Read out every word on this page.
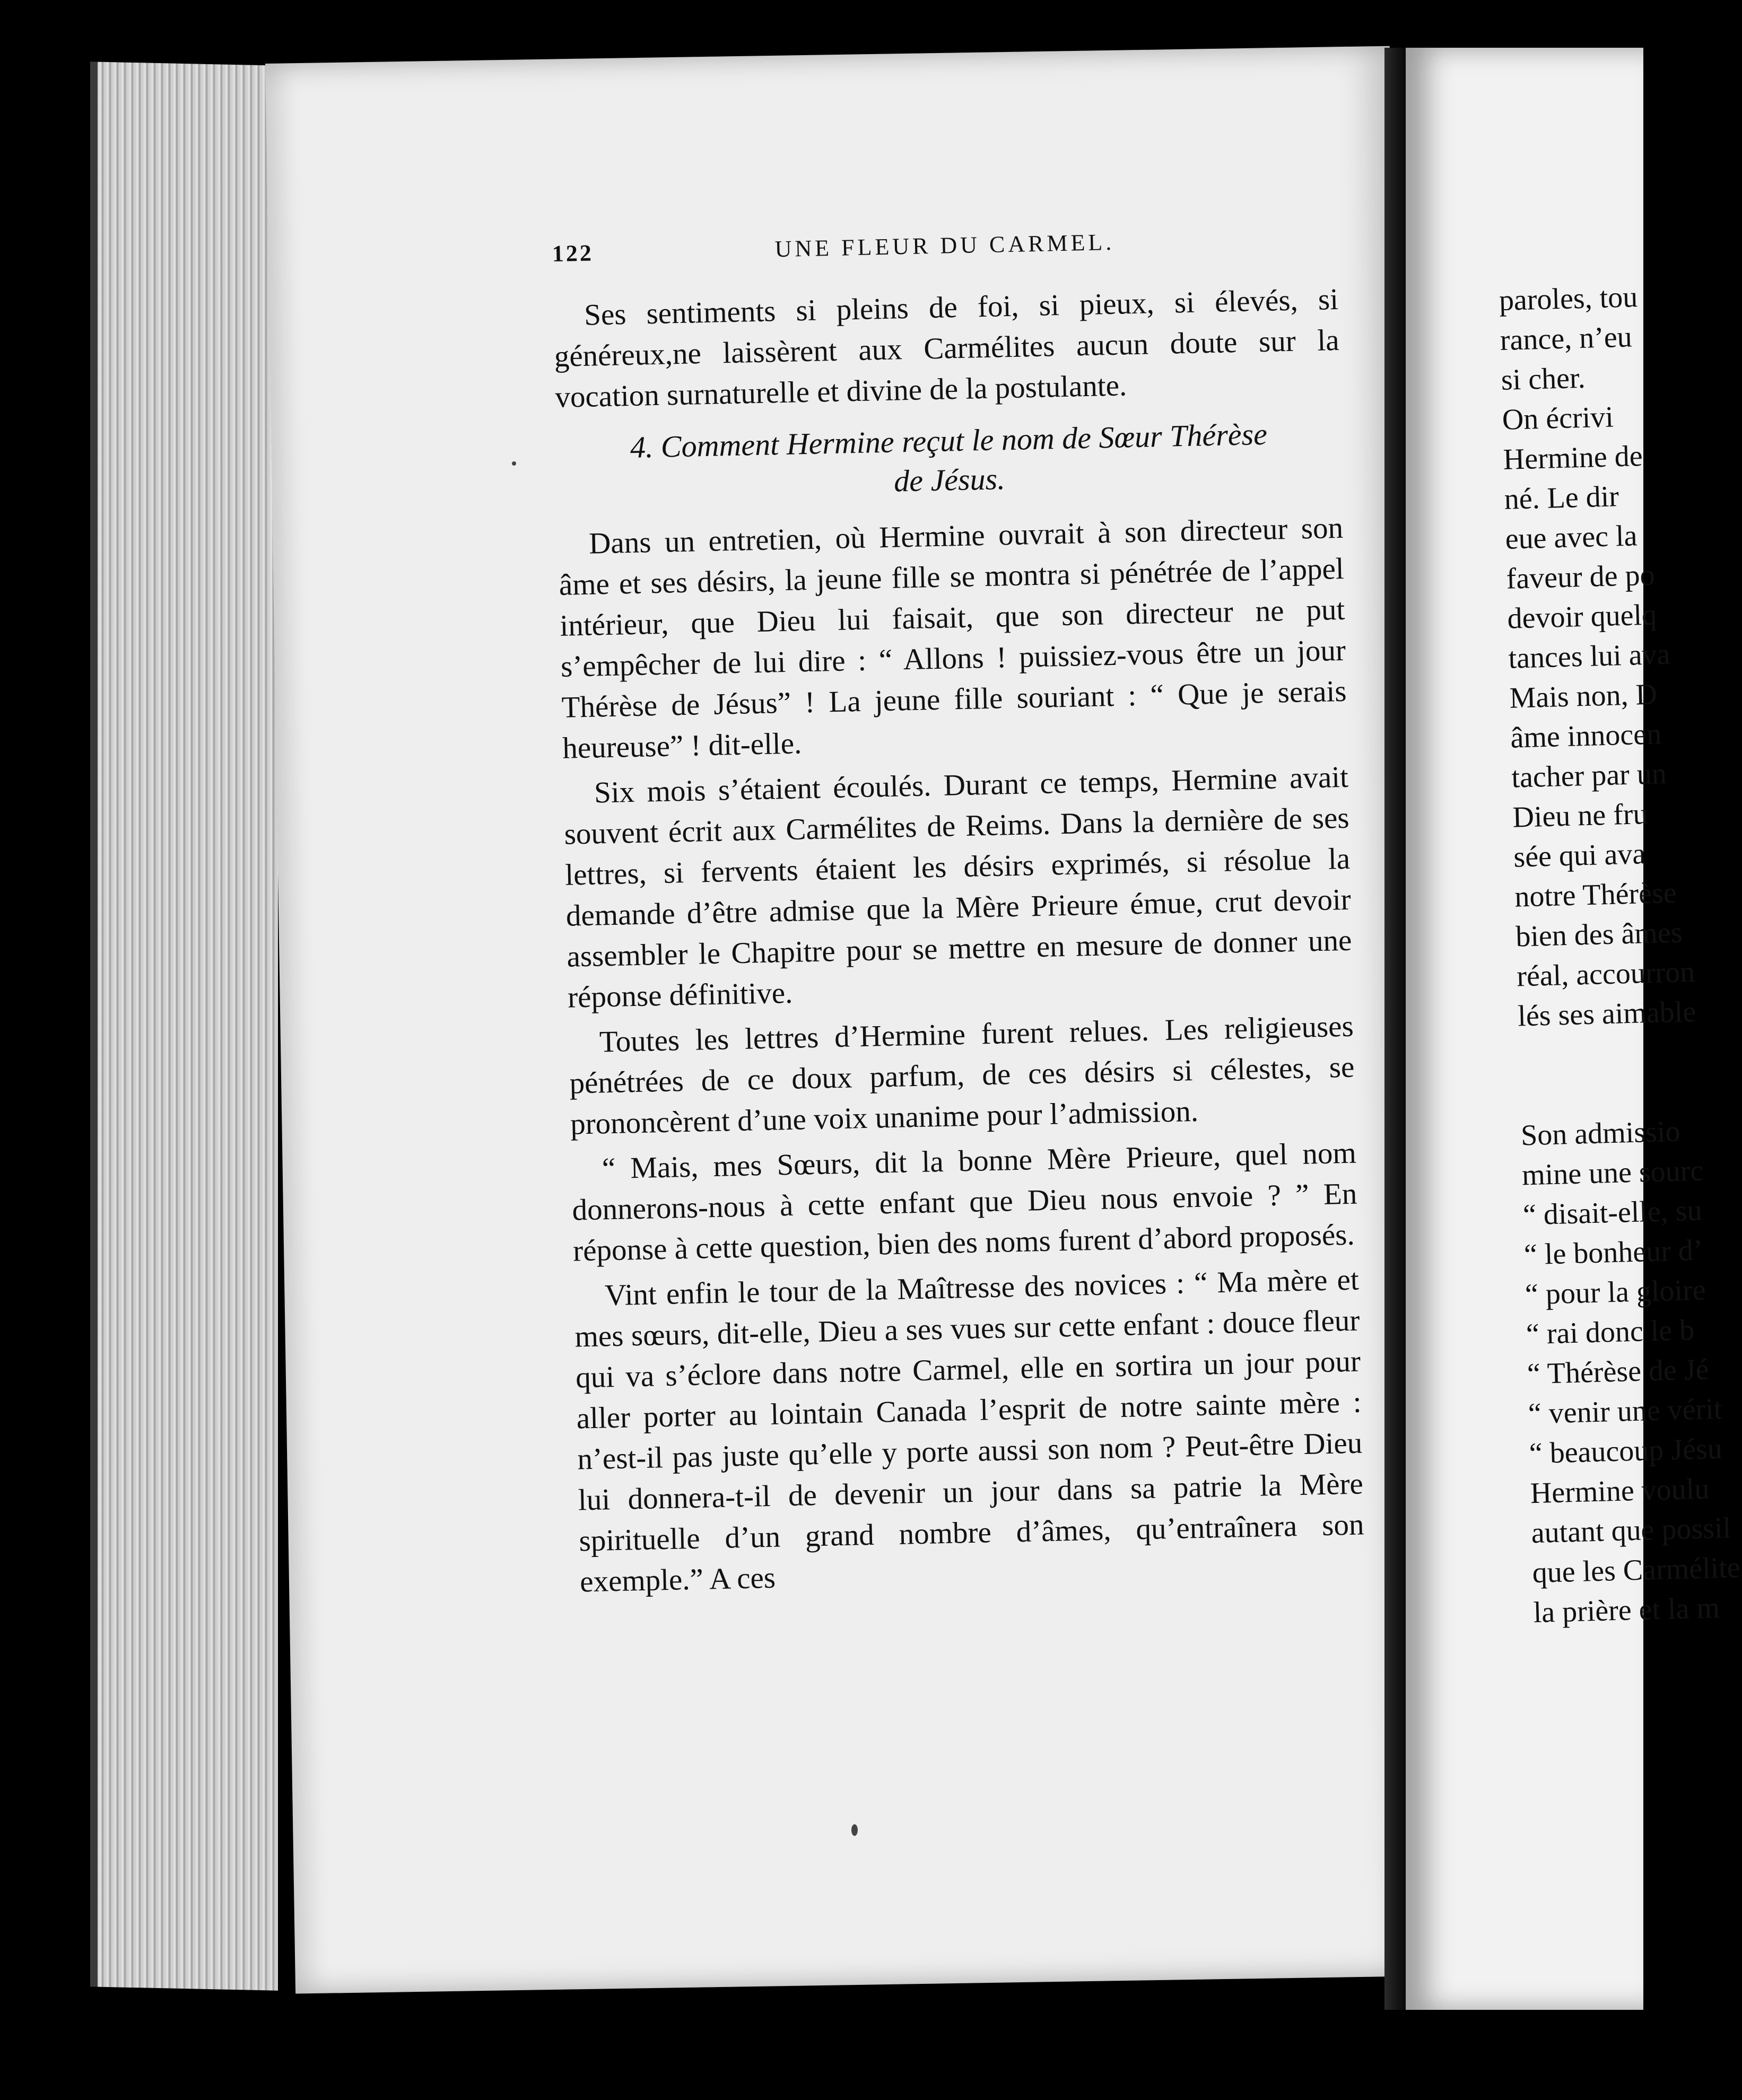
paroles, tou
rance, n’eu
si cher.
On écrivi
Hermine de
né. Le dir
eue avec la
faveur de po
devoir quelq
tances lui ava
Mais non, D
âme innocen
tacher par un
Dieu ne fru
sée qui ava
notre Thérèse
bien des âmes
réal, accourron
lés ses aimable
Son admissio
mine une sourc
“ disait-elle, su
“ le bonheur d’
“ pour la gloire
“ rai donc le b
“ Thérèse de Jé
“ venir une vérit
“ beaucoup Jésu
Hermine voulu
autant que possil
que les Carmélite
la prière et la m
122	UNE FLEUR DU CARMEL.

Ses sentiments si pleins de foi, si pieux, si élevés, si généreux,ne laissèrent aux Carmélites aucun doute sur la vocation surnaturelle et divine de la postulante.

4. Comment Hermine reçut le nom de Sœur Thérèse
de Jésus.

Dans un entretien, où Hermine ouvrait à son directeur son âme et ses désirs, la jeune fille se montra si pénétrée de l’appel intérieur, que Dieu lui faisait, que son directeur ne put s’empêcher de lui dire : “ Allons ! puissiez-vous être un jour Thérèse de Jésus” ! La jeune fille souriant : “ Que je serais heureuse” ! dit-elle.

Six mois s’étaient écoulés. Durant ce temps, Hermine avait souvent écrit aux Carmélites de Reims. Dans la dernière de ses lettres, si fervents étaient les désirs exprimés, si résolue la demande d’être admise que la Mère Prieure émue, crut devoir assembler le Chapitre pour se mettre en mesure de donner une réponse définitive.

Toutes les lettres d’Hermine furent relues. Les religieuses pénétrées de ce doux parfum, de ces désirs si célestes, se prononcèrent d’une voix unanime pour l’admission.

“ Mais, mes Sœurs, dit la bonne Mère Prieure, quel nom donnerons-nous à cette enfant que Dieu nous envoie ? ” En réponse à cette question, bien des noms furent d’abord proposés.

Vint enfin le tour de la Maîtresse des novices : “ Ma mère et mes sœurs, dit-elle, Dieu a ses vues sur cette enfant : douce fleur qui va s’éclore dans notre Carmel, elle en sortira un jour pour aller porter au lointain Canada l’esprit de notre sainte mère : n’est-il pas juste qu’elle y porte aussi son nom ? Peut-être Dieu lui donnera-t-il de devenir un jour dans sa patrie la Mère spirituelle d’un grand nombre d’âmes, qu’entraînera son exemple.” A ces
